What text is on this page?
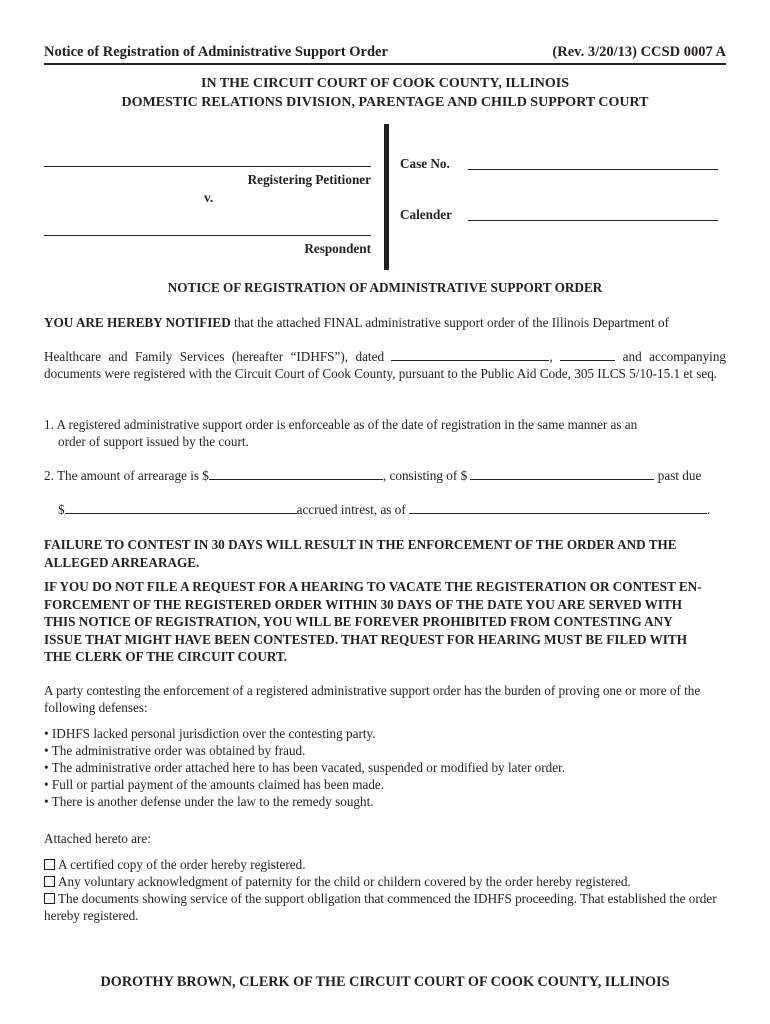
Notice of Registration of Administrative Support Order	(Rev. 3/20/13) CCSD 0007 A
IN THE CIRCUIT COURT OF COOK COUNTY, ILLINOIS
DOMESTIC RELATIONS DIVISION, PARENTAGE AND CHILD SUPPORT COURT
Registering Petitioner
v.
Respondent
Case No.
Calender
NOTICE OF REGISTRATION OF ADMINISTRATIVE SUPPORT ORDER
YOU ARE HEREBY NOTIFIED that the attached FINAL administrative support order of the Illinois Department of
Healthcare and Family Services (hereafter “IDHFS”), dated	,	and accompanying documents were registered with the Circuit Court of Cook County, pursuant to the Public Aid Code, 305 ILCS 5/10-15.1 et seq.
1. A registered administrative support order is enforceable as of the date of registration in the same manner as an
order of support issued by the court.
2. The amount of arrearage is $	, consisting of $	past due
$	accrued intrest, as of	.
FAILURE TO CONTEST IN 30 DAYS WILL RESULT IN THE ENFORCEMENT OF THE ORDER AND THE ALLEGED ARREARAGE.
IF YOU DO NOT FILE A REQUEST FOR A HEARING TO VACATE THE REGISTERATION OR CONTEST EN-
FORCEMENT OF THE REGISTERED ORDER WITHIN 30 DAYS OF THE DATE YOU ARE SERVED WITH
THIS NOTICE OF REGISTRATION, YOU WILL BE FOREVER PROHIBITED FROM CONTESTING ANY
ISSUE THAT MIGHT HAVE BEEN CONTESTED. THAT REQUEST FOR HEARING MUST BE FILED WITH
THE CLERK OF THE CIRCUIT COURT.
A party contesting the enforcement of a registered administrative support order has the burden of proving one or more of the following defenses:
• IDHFS lacked personal jurisdiction over the contesting party.
• The administrative order was obtained by fraud.
• The administrative order attached here to has been vacated, suspended or modified by later order.
• Full or partial payment of the amounts claimed has been made.
• There is another defense under the law to the remedy sought.
Attached hereto are:
A certified copy of the order hereby registered.
Any voluntary acknowledgment of paternity for the child or childern covered by the order hereby registered.
The documents showing service of the support obligation that commenced the IDHFS proceeding. That established the order hereby registered.
DOROTHY BROWN, CLERK OF THE CIRCUIT COURT OF COOK COUNTY, ILLINOIS
